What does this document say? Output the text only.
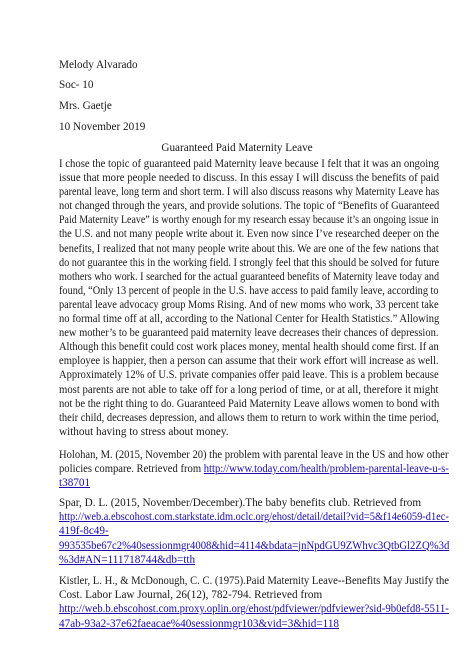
Melody Alvarado
Soc- 10
Mrs. Gaetje
10 November 2019
Guaranteed Paid Maternity Leave
I chose the topic of guaranteed paid Maternity leave because I felt that it was an ongoing
issue that more people needed to discuss. In this essay I will discuss the benefits of paid
parental leave, long term and short term. I will also discuss reasons why Maternity Leave has
not changed through the years, and provide solutions. The topic of “Benefits of Guaranteed
Paid Maternity Leave” is worthy enough for my research essay because it’s an ongoing issue in
the U.S. and not many people write about it. Even now since I’ve researched deeper on the
benefits, I realized that not many people write about this. We are one of the few nations that
do not guarantee this in the working field. I strongly feel that this should be solved for future
mothers who work. I searched for the actual guaranteed benefits of Maternity leave today and
found, “Only 13 percent of people in the U.S. have access to paid family leave, according to
parental leave advocacy group Moms Rising. And of new moms who work, 33 percent take
no formal time off at all, according to the National Center for Health Statistics.” Allowing
new mother’s to be guaranteed paid maternity leave decreases their chances of depression.
Although this benefit could cost work places money, mental health should come first. If an
employee is happier, then a person can assume that their work effort will increase as well.
Approximately 12% of U.S. private companies offer paid leave. This is a problem because
most parents are not able to take off for a long period of time, or at all, therefore it might
not be the right thing to do. Guaranteed Paid Maternity Leave allows women to bond with
their child, decreases depression, and allows them to return to work within the time period,
without having to stress about money.
Holohan, M. (2015, November 20) the problem with parental leave in the US and how other
policies compare. Retrieved from http://www.today.com/health/problem-parental-leave-u-s-
t38701
Spar, D. L. (2015, November/December).The baby benefits club. Retrieved from
http://web.a.ebscohost.com.starkstate.idm.oclc.org/ehost/detail/detail?vid=5&f14e6059-d1ec-
419f-8c49-
993535be67c2%40sessionmgr4008&hid=4114&bdata=jnNpdGU9ZWhvc3QtbGl2ZQ%3d
%3d#AN=111718744&db=tth
Kistler, L. H., & McDonough, C. C. (1975).Paid Maternity Leave--Benefits May Justify the
Cost. Labor Law Journal, 26(12), 782-794. Retrieved from
http://web.b.ebscohost.com.proxy.oplin.org/ehost/pdfviewer/pdfviewer?sid-9b0efd8-5511-
47ab-93a2-37e62faeacae%40sessionmgr103&vid=3&hid=118
